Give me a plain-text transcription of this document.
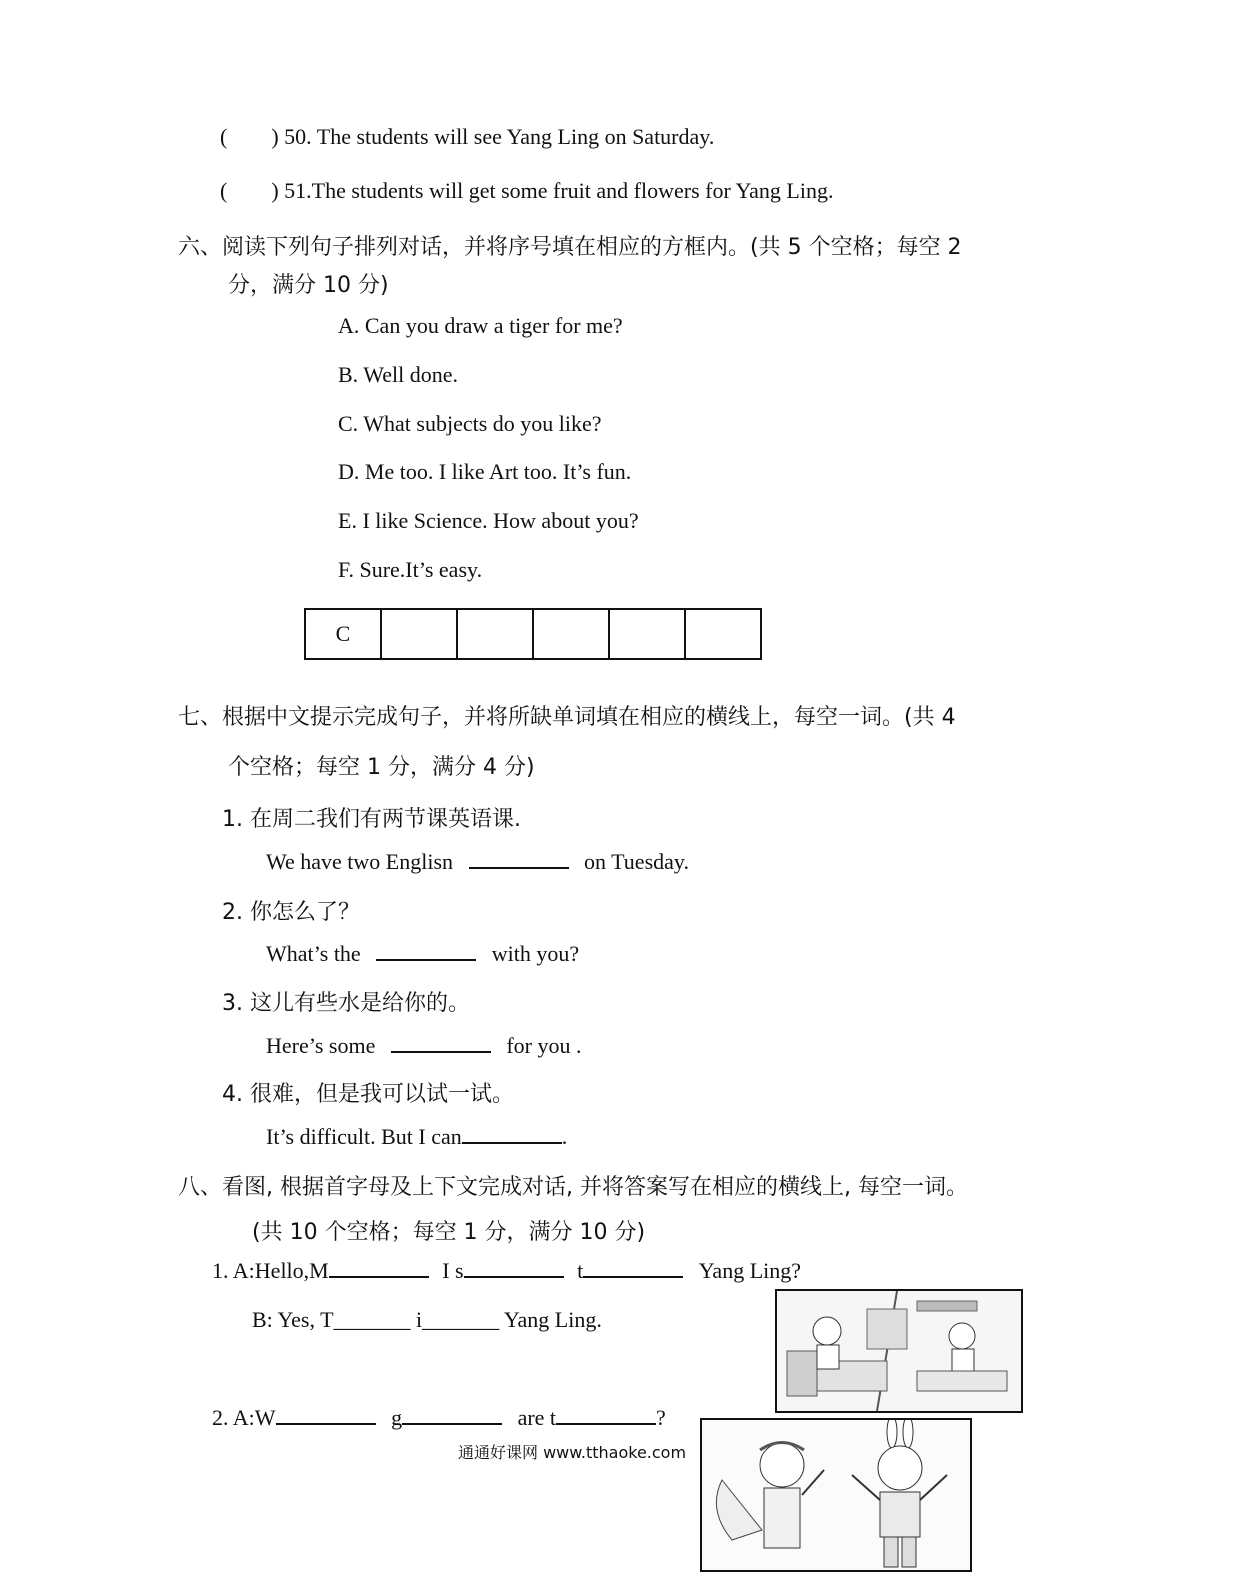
(        ) 50. The students will see Yang Ling on Saturday.
(        ) 51.The students will get some fruit and flowers for Yang Ling.
六、阅读下列句子排列对话，并将序号填在相应的方框内。(共 5 个空格；每空 2
分，满分 10 分)
A. Can you draw a tiger for me?
B. Well done.
C. What subjects do you like?
D. Me too. I like Art too. It’s fun.
E. I like Science. How about you?
F. Sure.It’s easy.
C					
七、根据中文提示完成句子，并将所缺单词填在相应的横线上，每空一词。(共 4
个空格；每空 1 分，满分 4 分)
1. 在周二我们有两节课英语课.
We have two Englisn	on Tuesday.
2. 你怎么了？
What’s the	with you?
3. 这儿有些水是给你的。
Here’s some	for you .
4. 很难，但是我可以试一试。
It’s difficult. But I can	.
八、看图, 根据首字母及上下文完成对话, 并将答案写在相应的横线上, 每空一词。
(共 10 个空格；每空 1 分，满分 10 分)
1. A:Hello,M	I s	t	Yang Ling?
B: Yes, T_______ i_______ Yang Ling.
2. A:W	g	are t	?
通通好课网 www.tthaoke.com
